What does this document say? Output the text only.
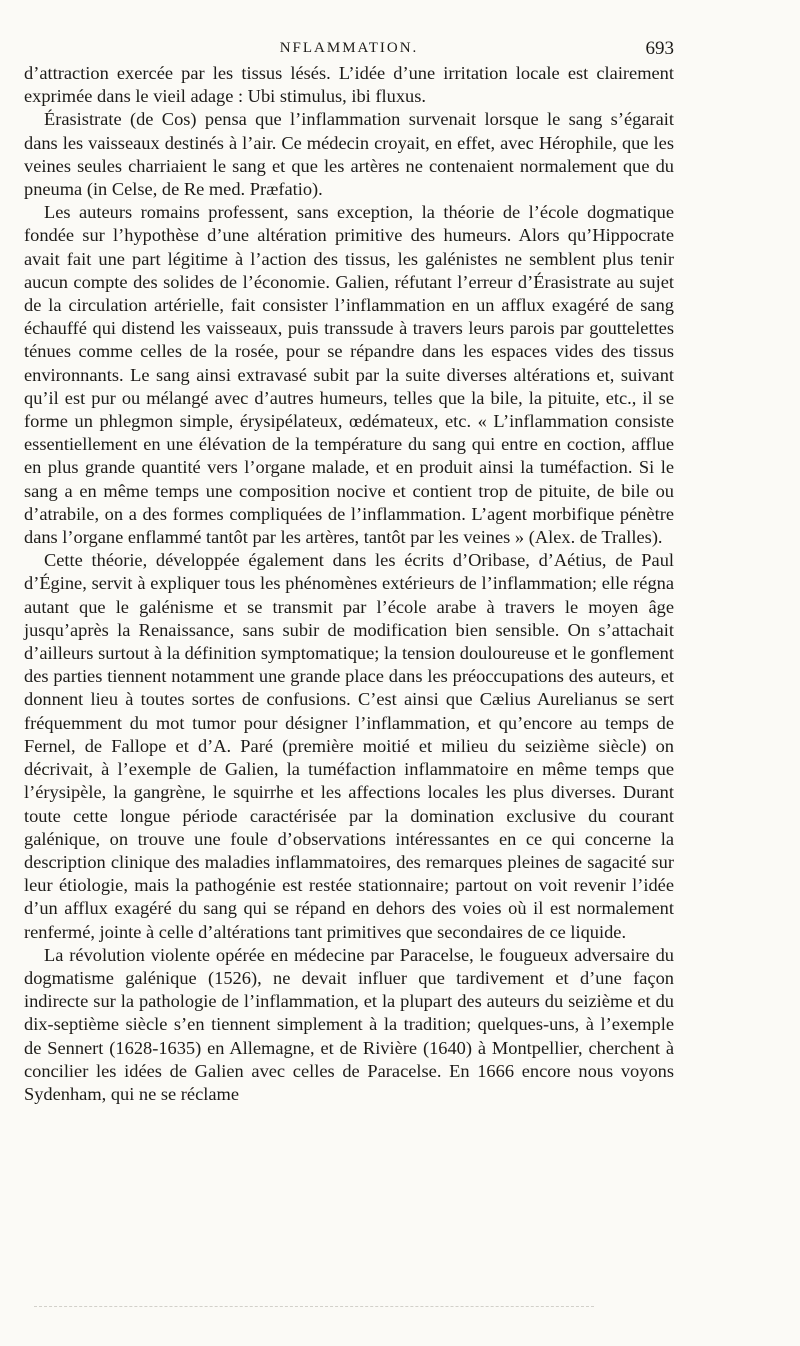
NFLAMMATION.	693

d’attraction exercée par les tissus lésés. L’idée d’une irritation locale est clairement exprimée dans le vieil adage : Ubi stimulus, ibi fluxus.

Érasistrate (de Cos) pensa que l’inflammation survenait lorsque le sang s’égarait dans les vaisseaux destinés à l’air. Ce médecin croyait, en effet, avec Hérophile, que les veines seules charriaient le sang et que les artères ne contenaient normalement que du pneuma (in Celse, de Re med. Præfatio).

Les auteurs romains professent, sans exception, la théorie de l’école dogmatique fondée sur l’hypothèse d’une altération primitive des humeurs. Alors qu’Hippocrate avait fait une part légitime à l’action des tissus, les galénistes ne semblent plus tenir aucun compte des solides de l’économie. Galien, réfutant l’erreur d’Érasistrate au sujet de la circulation artérielle, fait consister l’inflammation en un afflux exagéré de sang échauffé qui distend les vaisseaux, puis transsude à travers leurs parois par gouttelettes ténues comme celles de la rosée, pour se répandre dans les espaces vides des tissus environnants. Le sang ainsi extravasé subit par la suite diverses altérations et, suivant qu’il est pur ou mélangé avec d’autres humeurs, telles que la bile, la pituite, etc., il se forme un phlegmon simple, érysipélateux, œdémateux, etc. « L’inflammation consiste essentiellement en une élévation de la température du sang qui entre en coction, afflue en plus grande quantité vers l’organe malade, et en produit ainsi la tuméfaction. Si le sang a en même temps une composition nocive et contient trop de pituite, de bile ou d’atrabile, on a des formes compliquées de l’inflammation. L’agent morbifique pénètre dans l’organe enflammé tantôt par les artères, tantôt par les veines » (Alex. de Tralles).

Cette théorie, développée également dans les écrits d’Oribase, d’Aétius, de Paul d’Égine, servit à expliquer tous les phénomènes extérieurs de l’inflammation; elle régna autant que le galénisme et se transmit par l’école arabe à travers le moyen âge jusqu’après la Renaissance, sans subir de modification bien sensible. On s’attachait d’ailleurs surtout à la définition symptomatique; la tension douloureuse et le gonflement des parties tiennent notamment une grande place dans les préoccupations des auteurs, et donnent lieu à toutes sortes de confusions. C’est ainsi que Cælius Aurelianus se sert fréquemment du mot tumor pour désigner l’inflammation, et qu’encore au temps de Fernel, de Fallope et d’A. Paré (première moitié et milieu du seizième siècle) on décrivait, à l’exemple de Galien, la tuméfaction inflammatoire en même temps que l’érysipèle, la gangrène, le squirrhe et les affections locales les plus diverses. Durant toute cette longue période caractérisée par la domination exclusive du courant galénique, on trouve une foule d’observations intéressantes en ce qui concerne la description clinique des maladies inflammatoires, des remarques pleines de sagacité sur leur étiologie, mais la pathogénie est restée stationnaire; partout on voit revenir l’idée d’un afflux exagéré du sang qui se répand en dehors des voies où il est normalement renfermé, jointe à celle d’altérations tant primitives que secondaires de ce liquide.

La révolution violente opérée en médecine par Paracelse, le fougueux adversaire du dogmatisme galénique (1526), ne devait influer que tardivement et d’une façon indirecte sur la pathologie de l’inflammation, et la plupart des auteurs du seizième et du dix-septième siècle s’en tiennent simplement à la tradition; quelques-uns, à l’exemple de Sennert (1628-1635) en Allemagne, et de Rivière (1640) à Montpellier, cherchent à concilier les idées de Galien avec celles de Paracelse. En 1666 encore nous voyons Sydenham, qui ne se réclame
